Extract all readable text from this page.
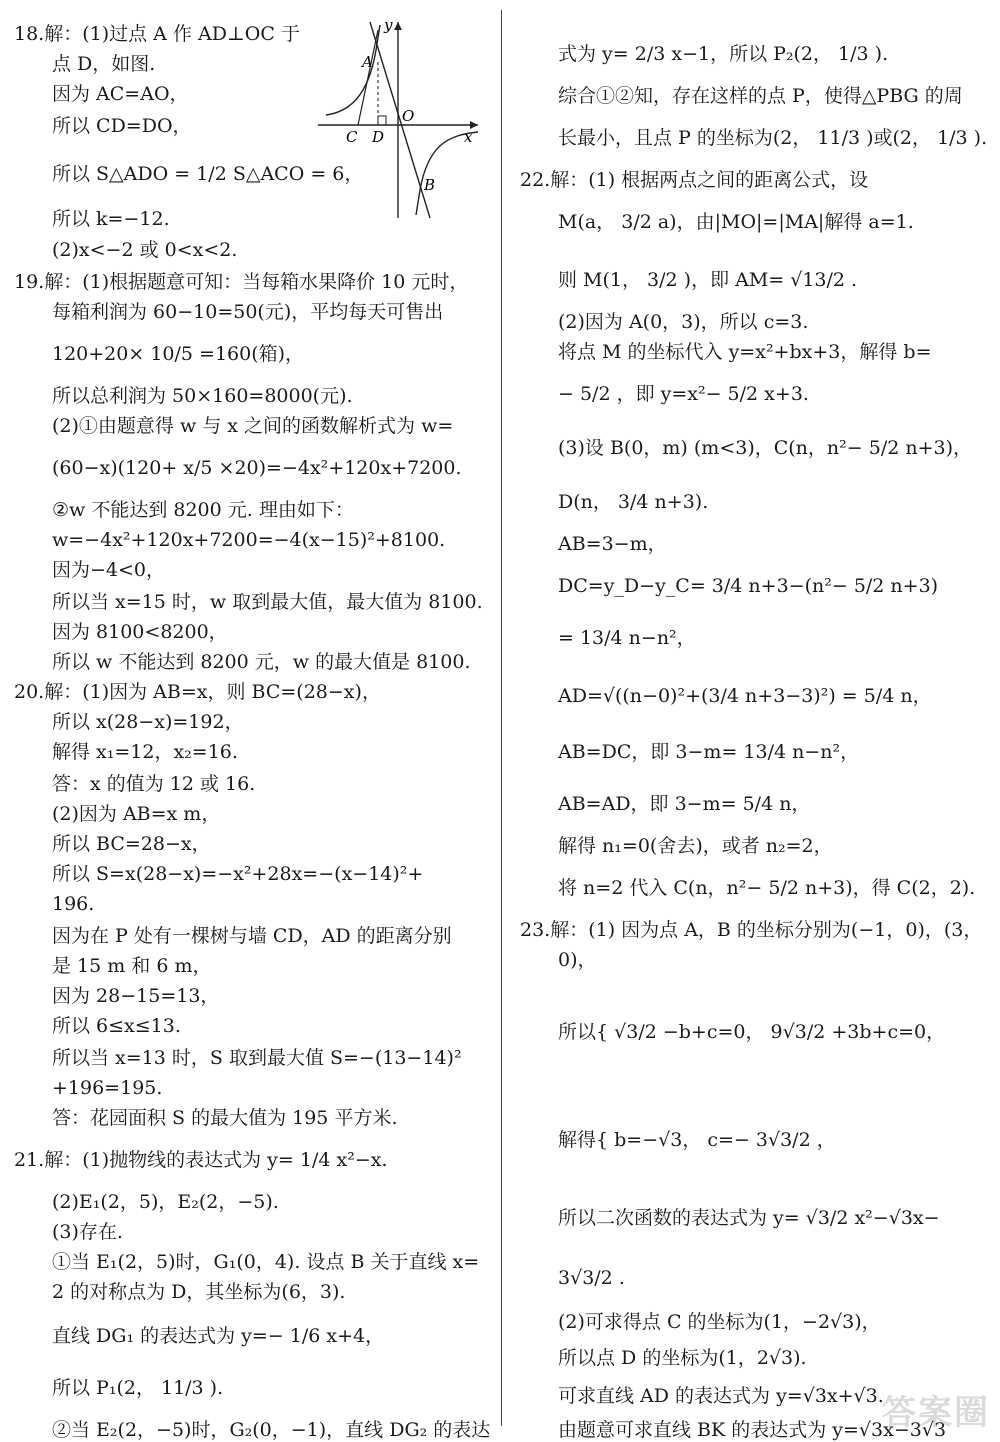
18.解：(1)过点 A 作 AD⊥OC 于
点 D，如图.
因为 AC=AO，
所以 CD=DO，
所以 S△ADO = 1/2 S△ACO = 6，
所以 k=−12.
(2)x<−2 或 0<x<2.
19.解：(1)根据题意可知：当每箱水果降价 10 元时，
每箱利润为 60−10=50(元)，平均每天可售出
120+20× 10/5 =160(箱)，
所以总利润为 50×160=8000(元).
(2)①由题意得 w 与 x 之间的函数解析式为 w=
(60−x)(120+ x/5 ×20)=−4x²+120x+7200.
②w 不能达到 8200 元. 理由如下：
w=−4x²+120x+7200=−4(x−15)²+8100.
因为−4<0，
所以当 x=15 时，w 取到最大值，最大值为 8100.
因为 8100<8200，
所以 w 不能达到 8200 元，w 的最大值是 8100.
20.解：(1)因为 AB=x，则 BC=(28−x)，
所以 x(28−x)=192，
解得 x₁=12，x₂=16.
答：x 的值为 12 或 16.
(2)因为 AB=x m，
所以 BC=28−x，
所以 S=x(28−x)=−x²+28x=−(x−14)²+
196.
因为在 P 处有一棵树与墙 CD，AD 的距离分别
是 15 m 和 6 m，
因为 28−15=13，
所以 6≤x≤13.
所以当 x=13 时，S 取到最大值 S=−(13−14)²
+196=195.
答：花园面积 S 的最大值为 195 平方米.
21.解：(1)抛物线的表达式为 y= 1/4 x²−x.
(2)E₁(2，5)，E₂(2，−5).
(3)存在.
①当 E₁(2，5)时，G₁(0，4). 设点 B 关于直线 x=
2 的对称点为 D，其坐标为(6，3).
直线 DG₁ 的表达式为 y=− 1/6 x+4，
所以 P₁(2， 11/3 ).
②当 E₂(2，−5)时，G₂(0，−1)，直线 DG₂ 的表达
式为 y= 2/3 x−1，所以 P₂(2， 1/3 ).
综合①②知，存在这样的点 P，使得△PBG 的周
长最小，且点 P 的坐标为(2， 11/3 )或(2， 1/3 ).
22.解：(1) 根据两点之间的距离公式，设
M(a， 3/2 a)，由|MO|=|MA|解得 a=1.
则 M(1， 3/2 )，即 AM= √13/2 .
(2)因为 A(0，3)，所以 c=3.
将点 M 的坐标代入 y=x²+bx+3，解得 b=
− 5/2 ，即 y=x²− 5/2 x+3.
(3)设 B(0，m) (m<3)，C(n，n²− 5/2 n+3)，
D(n， 3/4 n+3).
AB=3−m，
DC=y_D−y_C= 3/4 n+3−(n²− 5/2 n+3)
= 13/4 n−n²，
AD=√((n−0)²+(3/4 n+3−3)²) = 5/4 n，
AB=DC，即 3−m= 13/4 n−n²，
AB=AD，即 3−m= 5/4 n，
解得 n₁=0(舍去)，或者 n₂=2，
将 n=2 代入 C(n，n²− 5/2 n+3)，得 C(2，2).
23.解：(1) 因为点 A，B 的坐标分别为(−1，0)，(3，
0)，
所以{ √3/2 −b+c=0， 9√3/2 +3b+c=0，
解得{ b=−√3， c=− 3√3/2 ，
所以二次函数的表达式为 y= √3/2 x²−√3x−
3√3/2 .
(2)可求得点 C 的坐标为(1，−2√3)，
所以点 D 的坐标为(1，2√3).
可求直线 AD 的表达式为 y=√3x+√3.
由题意可求直线 BK 的表达式为 y=√3x−3√3
y
x
A
O
C D
B
答案圈
